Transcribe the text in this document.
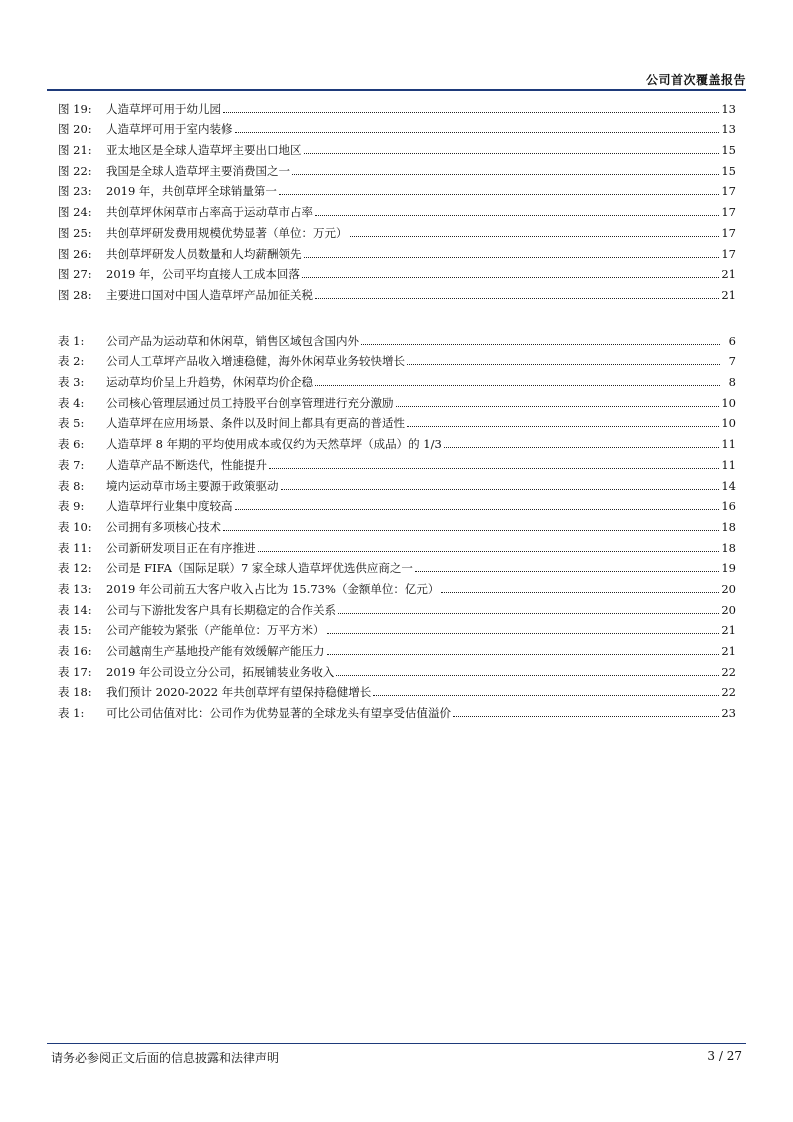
公司首次覆盖报告
图 19:	人造草坪可用于幼儿园	13
图 20:	人造草坪可用于室内装修	13
图 21:	亚太地区是全球人造草坪主要出口地区	15
图 22:	我国是全球人造草坪主要消费国之一	15
图 23:	2019 年，共创草坪全球销量第一	17
图 24:	共创草坪休闲草市占率高于运动草市占率	17
图 25:	共创草坪研发费用规模优势显著（单位：万元）	17
图 26:	共创草坪研发人员数量和人均薪酬领先	17
图 27:	2019 年，公司平均直接人工成本回落	21
图 28:	主要进口国对中国人造草坪产品加征关税	21
表 1:	公司产品为运动草和休闲草，销售区域包含国内外	6
表 2:	公司人工草坪产品收入增速稳健，海外休闲草业务较快增长	7
表 3:	运动草均价呈上升趋势，休闲草均价企稳	8
表 4:	公司核心管理层通过员工持股平台创享管理进行充分激励	10
表 5:	人造草坪在应用场景、条件以及时间上都具有更高的普适性	10
表 6:	人造草坪 8 年期的平均使用成本或仅约为天然草坪（成品）的 1/3	11
表 7:	人造草产品不断迭代，性能提升	11
表 8:	境内运动草市场主要源于政策驱动	14
表 9:	人造草坪行业集中度较高	16
表 10:	公司拥有多项核心技术	18
表 11:	公司新研发项目正在有序推进	18
表 12:	公司是 FIFA（国际足联）7 家全球人造草坪优选供应商之一	19
表 13:	2019 年公司前五大客户收入占比为 15.73%（金额单位：亿元）	20
表 14:	公司与下游批发客户具有长期稳定的合作关系	20
表 15:	公司产能较为紧张（产能单位：万平方米）	21
表 16:	公司越南生产基地投产能有效缓解产能压力	21
表 17:	2019 年公司设立分公司，拓展铺装业务收入	22
表 18:	我们预计 2020-2022 年共创草坪有望保持稳健增长	22
表 1:	可比公司估值对比：公司作为优势显著的全球龙头有望享受估值溢价	23
请务必参阅正文后面的信息披露和法律声明	3 / 27
